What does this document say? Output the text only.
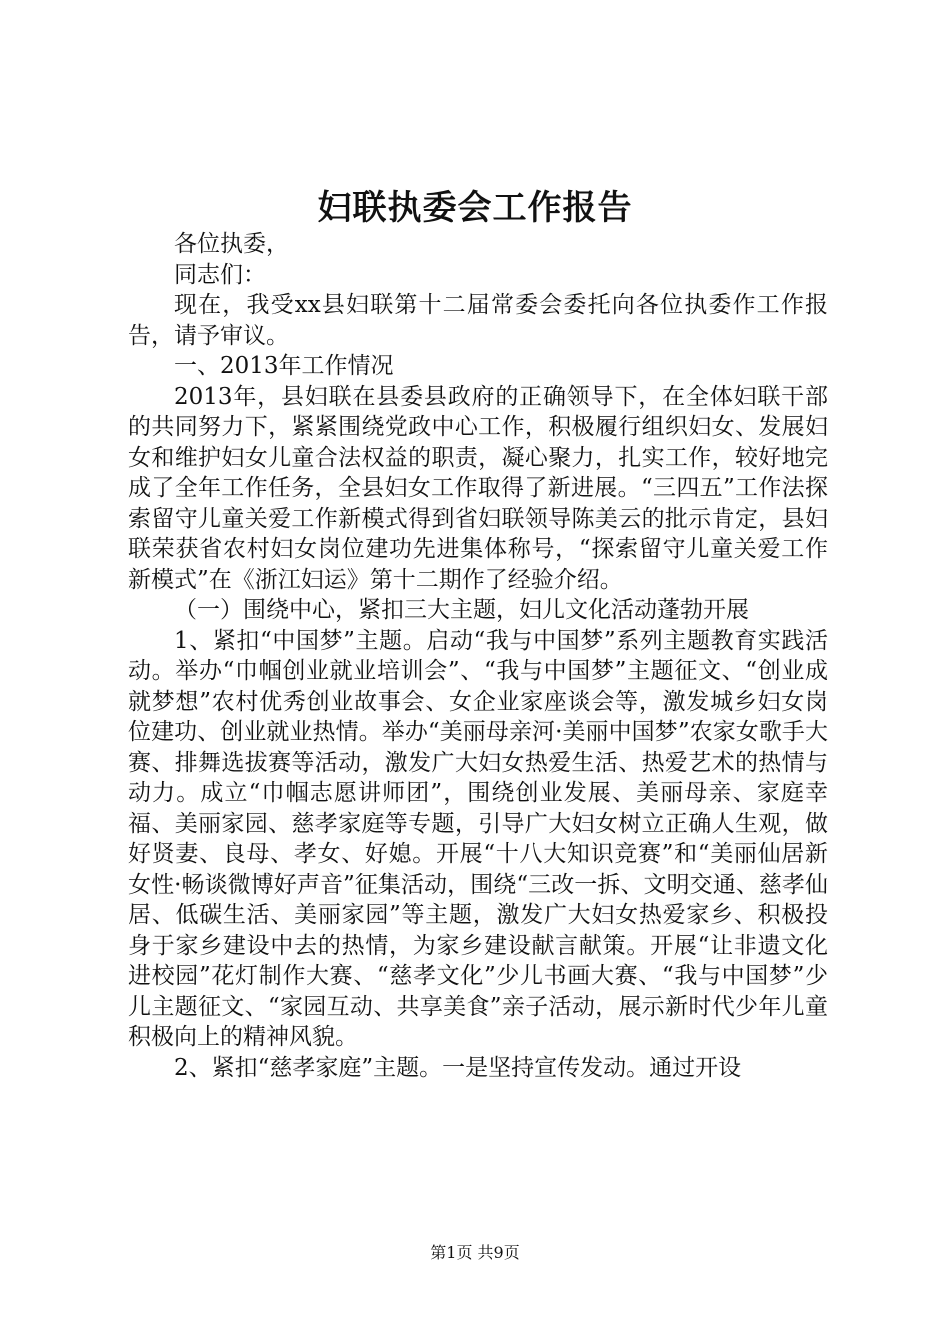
妇联执委会工作报告

各位执委，

同志们：

现在，我受xx县妇联第十二届常委会委托向各位执委作工作报告，请予审议。

一、2013年工作情况

2013年，县妇联在县委县政府的正确领导下，在全体妇联干部的共同努力下，紧紧围绕党政中心工作，积极履行组织妇女、发展妇女和维护妇女儿童合法权益的职责，凝心聚力，扎实工作，较好地完成了全年工作任务，全县妇女工作取得了新进展。“三四五”工作法探索留守儿童关爱工作新模式得到省妇联领导陈美云的批示肯定，县妇联荣获省农村妇女岗位建功先进集体称号，“探索留守儿童关爱工作新模式”在《浙江妇运》第十二期作了经验介绍。

（一）围绕中心，紧扣三大主题，妇儿文化活动蓬勃开展

1、紧扣“中国梦”主题。启动“我与中国梦”系列主题教育实践活动。举办“巾帼创业就业培训会”、“我与中国梦”主题征文、“创业成就梦想”农村优秀创业故事会、女企业家座谈会等，激发城乡妇女岗位建功、创业就业热情。举办“美丽母亲河·美丽中国梦”农家女歌手大赛、排舞选拔赛等活动，激发广大妇女热爱生活、热爱艺术的热情与动力。成立“巾帼志愿讲师团”，围绕创业发展、美丽母亲、家庭幸福、美丽家园、慈孝家庭等专题，引导广大妇女树立正确人生观，做好贤妻、良母、孝女、好媳。开展“十八大知识竞赛”和“美丽仙居新女性·畅谈微博好声音”征集活动，围绕“三改一拆、文明交通、慈孝仙居、低碳生活、美丽家园”等主题，激发广大妇女热爱家乡、积极投身于家乡建设中去的热情，为家乡建设献言献策。开展“让非遗文化进校园”花灯制作大赛、“慈孝文化”少儿书画大赛、“我与中国梦”少儿主题征文、“家园互动、共享美食”亲子活动，展示新时代少年儿童积极向上的精神风貌。

2、紧扣“慈孝家庭”主题。一是坚持宣传发动。通过开设

第1页 共9页
